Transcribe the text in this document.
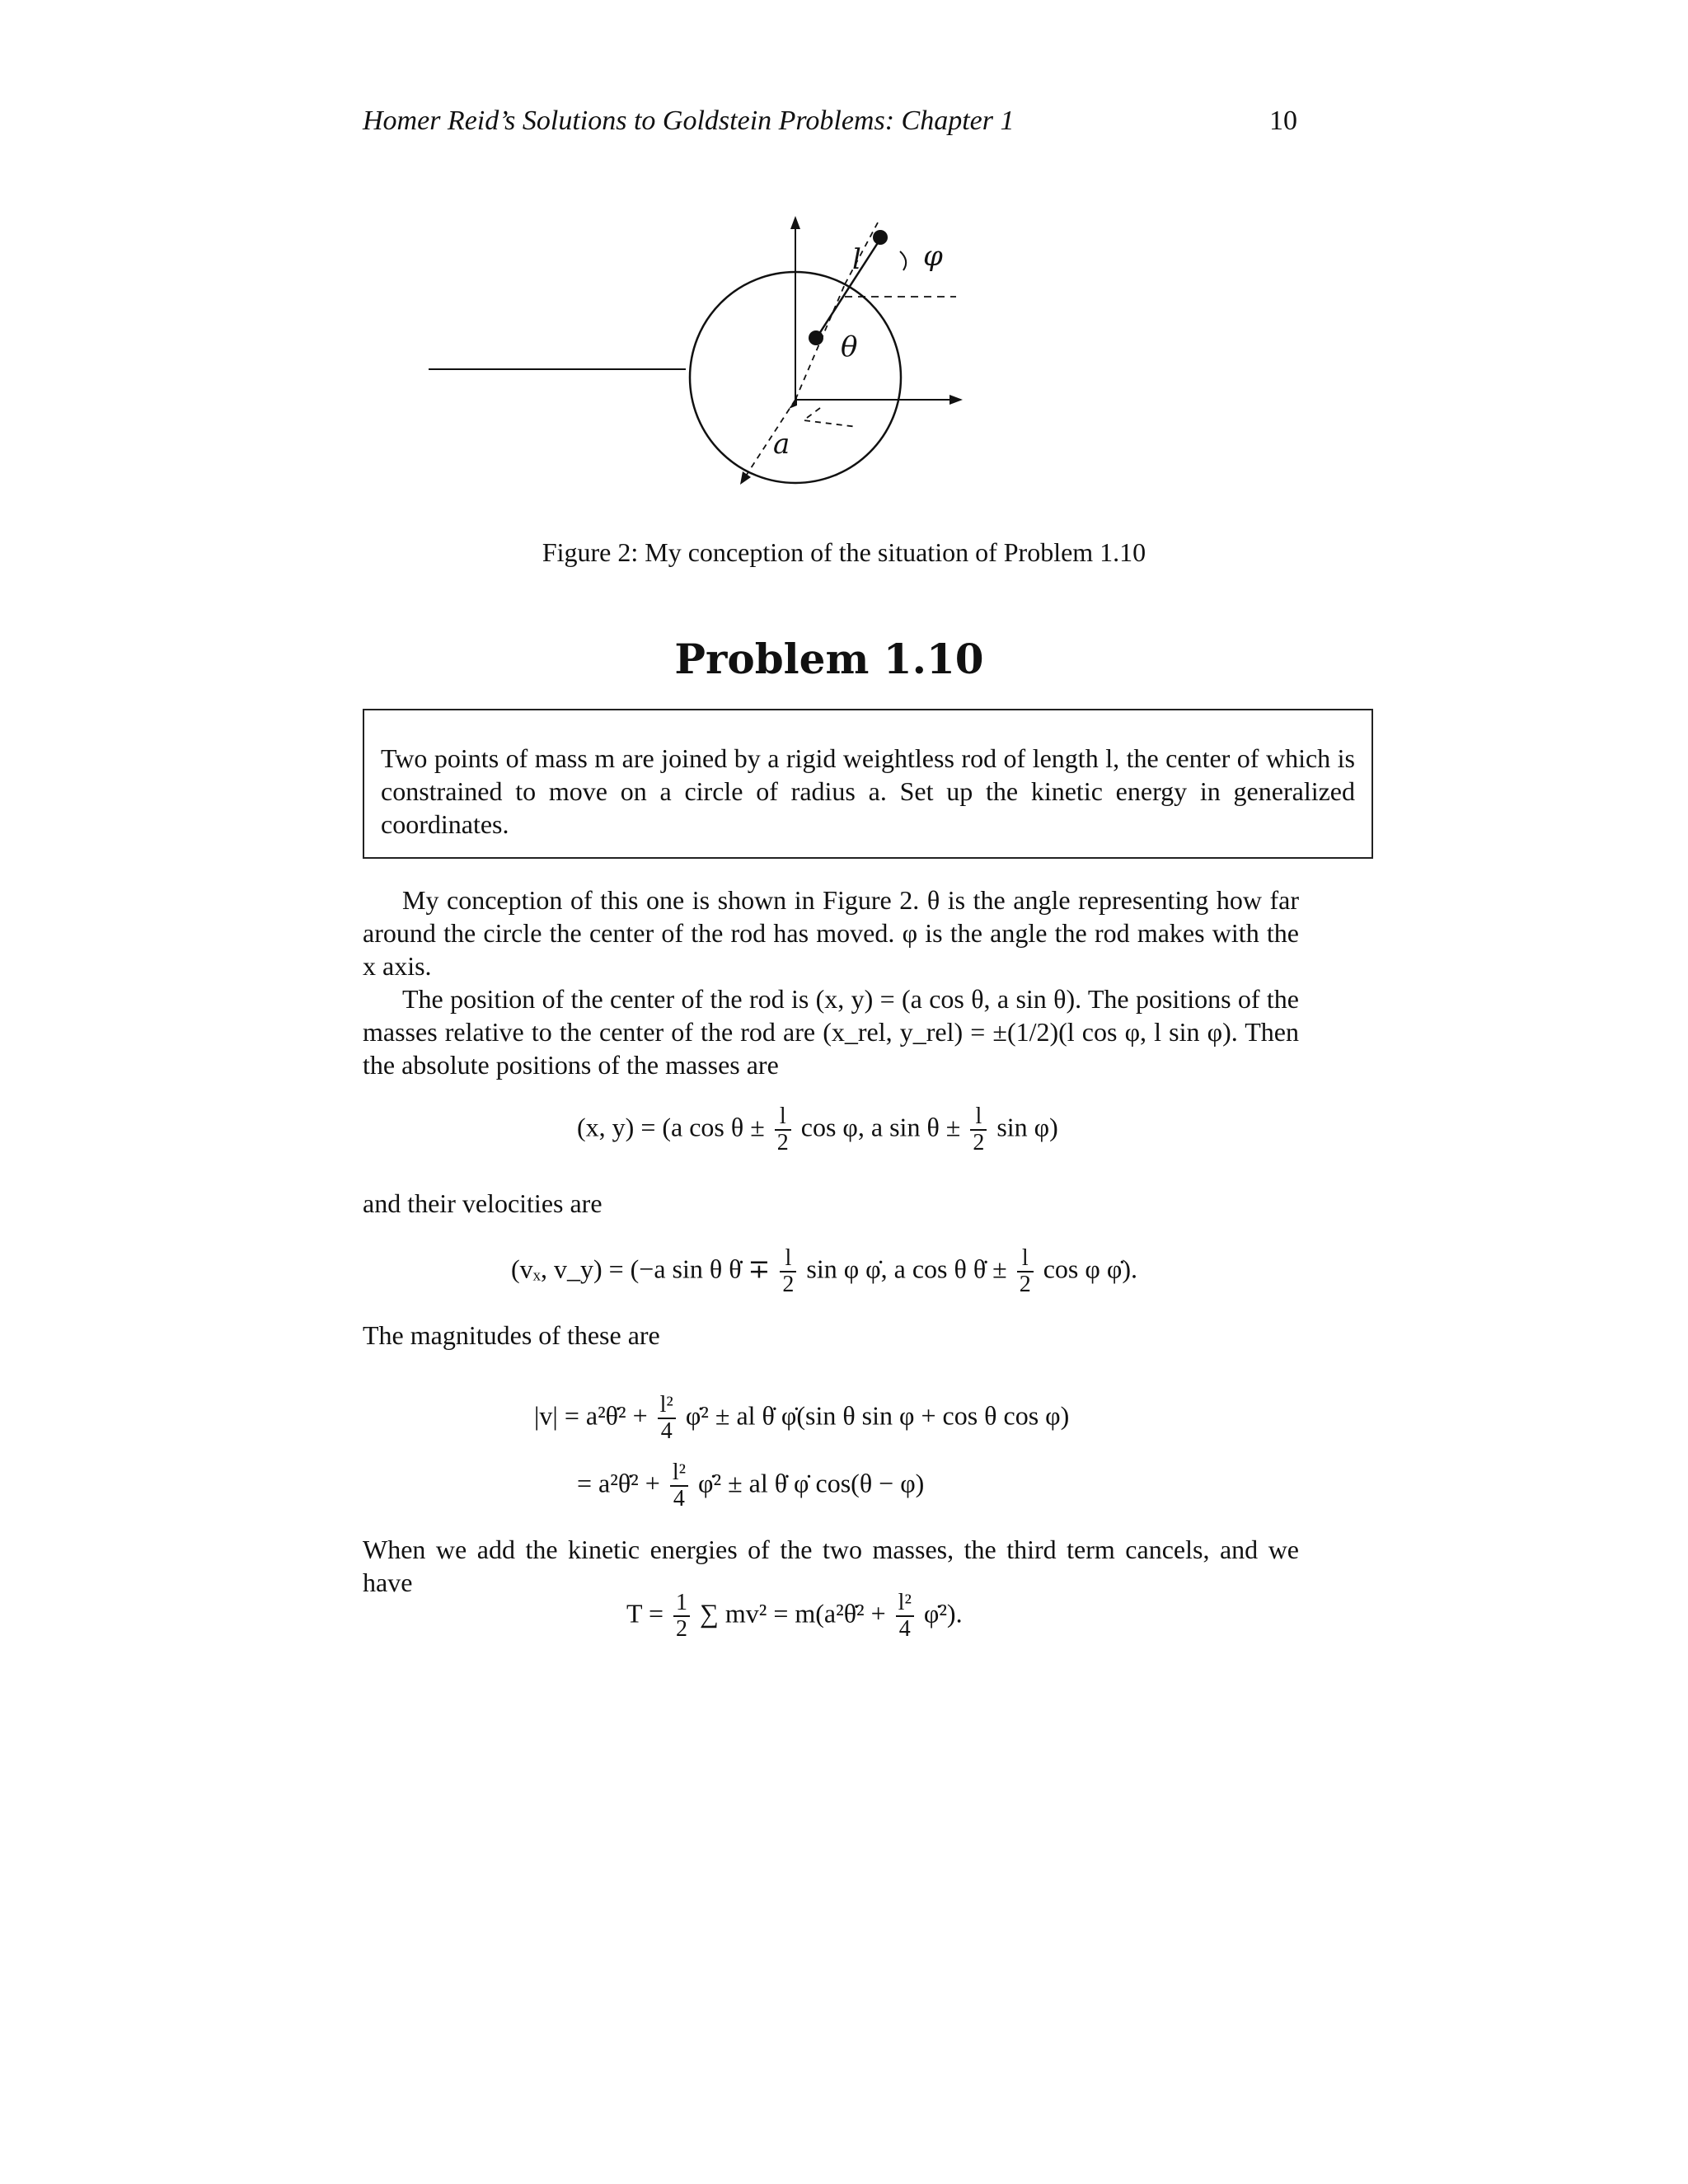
Homer Reid’s Solutions to Goldstein Problems: Chapter 1	10
l φ
θ
a
Figure 2: My conception of the situation of Problem 1.10
Problem 1.10

Two points of mass m are joined by a rigid weightless rod of length l, the center of which is constrained to move on a circle of radius a. Set up the kinetic energy in generalized coordinates.

My conception of this one is shown in Figure 2. θ is the angle representing how far around the circle the center of the rod has moved. φ is the angle the rod makes with the x axis.

The position of the center of the rod is (x, y) = (a cos θ, a sin θ). The positions of the masses relative to the center of the rod are (x_rel, y_rel) = ±(1/2)(l cos φ, l sin φ). Then the absolute positions of the masses are

(x, y) = (a $\cos \theta \pm \frac{l}{2}$ cos φ, a $\sin \theta \pm \frac{l}{2}$ sin φ)

and their velocities are

(vₓ, v_y) = (−a sin θ θ̇ ∓ $\frac{l}{2}$ sin φ φ̇, a cos θ θ̇ ± $\frac{l}{2}$ cos φ φ̇).

The magnitudes of these are

|v| = a²θ̇² + $\frac{\text{l²}}{4}$ φ̇² ± al θ̇ φ̇(sin θ sin φ + cos θ cos φ)
= a²θ̇² + $\frac{\text{l²}}{4}$ φ̇² ± al θ̇ φ̇ cos(θ − φ)

When we add the kinetic energies of the two masses, the third term cancels, and we have

$T = \frac{1}{2}$ ∑ mv² = m(a²θ̇² + $\frac{\text{l²}}{4}$ φ̇²).
